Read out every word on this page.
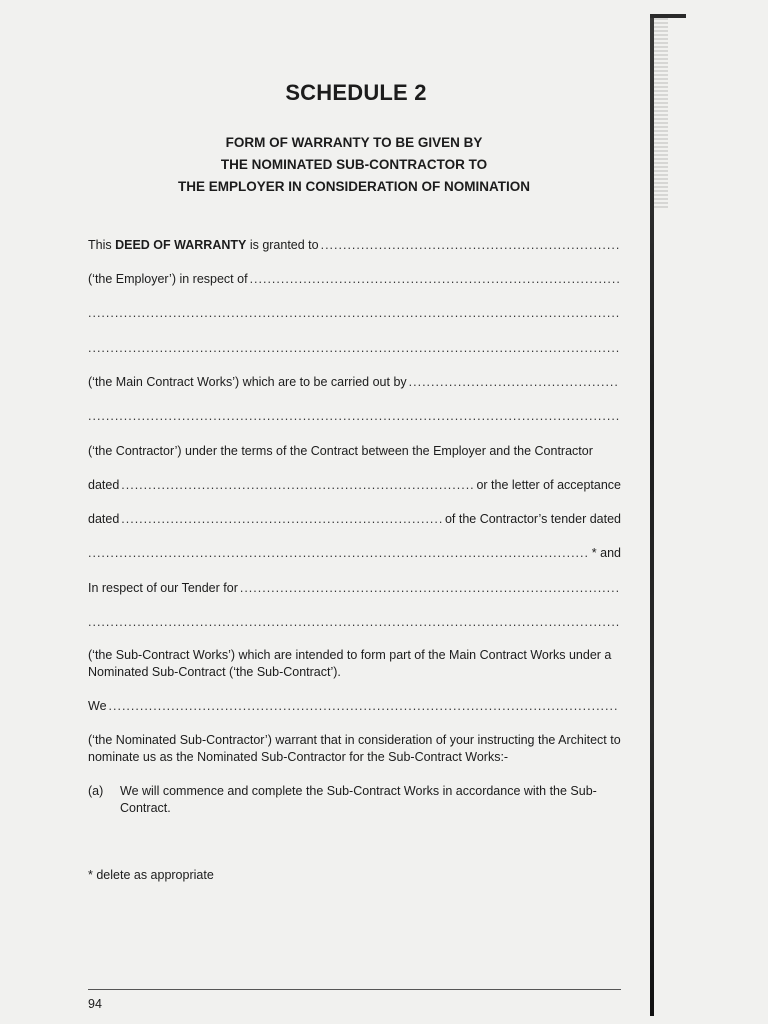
SCHEDULE 2
FORM OF WARRANTY TO BE GIVEN BY
THE NOMINATED SUB-CONTRACTOR TO
THE EMPLOYER IN CONSIDERATION OF NOMINATION
This DEED OF WARRANTY is granted to
.....
(‘the Employer’) in respect of
.....
.....
.....
(‘the Main Contract Works’) which are to be carried out by
.....
.....
(‘the Contractor’) under the terms of the Contract between the Employer and the Contractor
dated .....	or the letter of acceptance
dated .....	of the Contractor’s tender dated
.....
* and
In respect of our Tender for
.....
.....
(‘the Sub-Contract Works’) which are intended to form part of the Main Contract Works under a Nominated Sub-Contract (‘the Sub-Contract’).
We
.....
(‘the Nominated Sub-Contractor’) warrant that in consideration of your instructing the Architect to nominate us as the Nominated Sub-Contractor for the Sub-Contract Works:-
(a) We will commence and complete the Sub-Contract Works in accordance with the Sub-Contract.
* delete as appropriate
94
